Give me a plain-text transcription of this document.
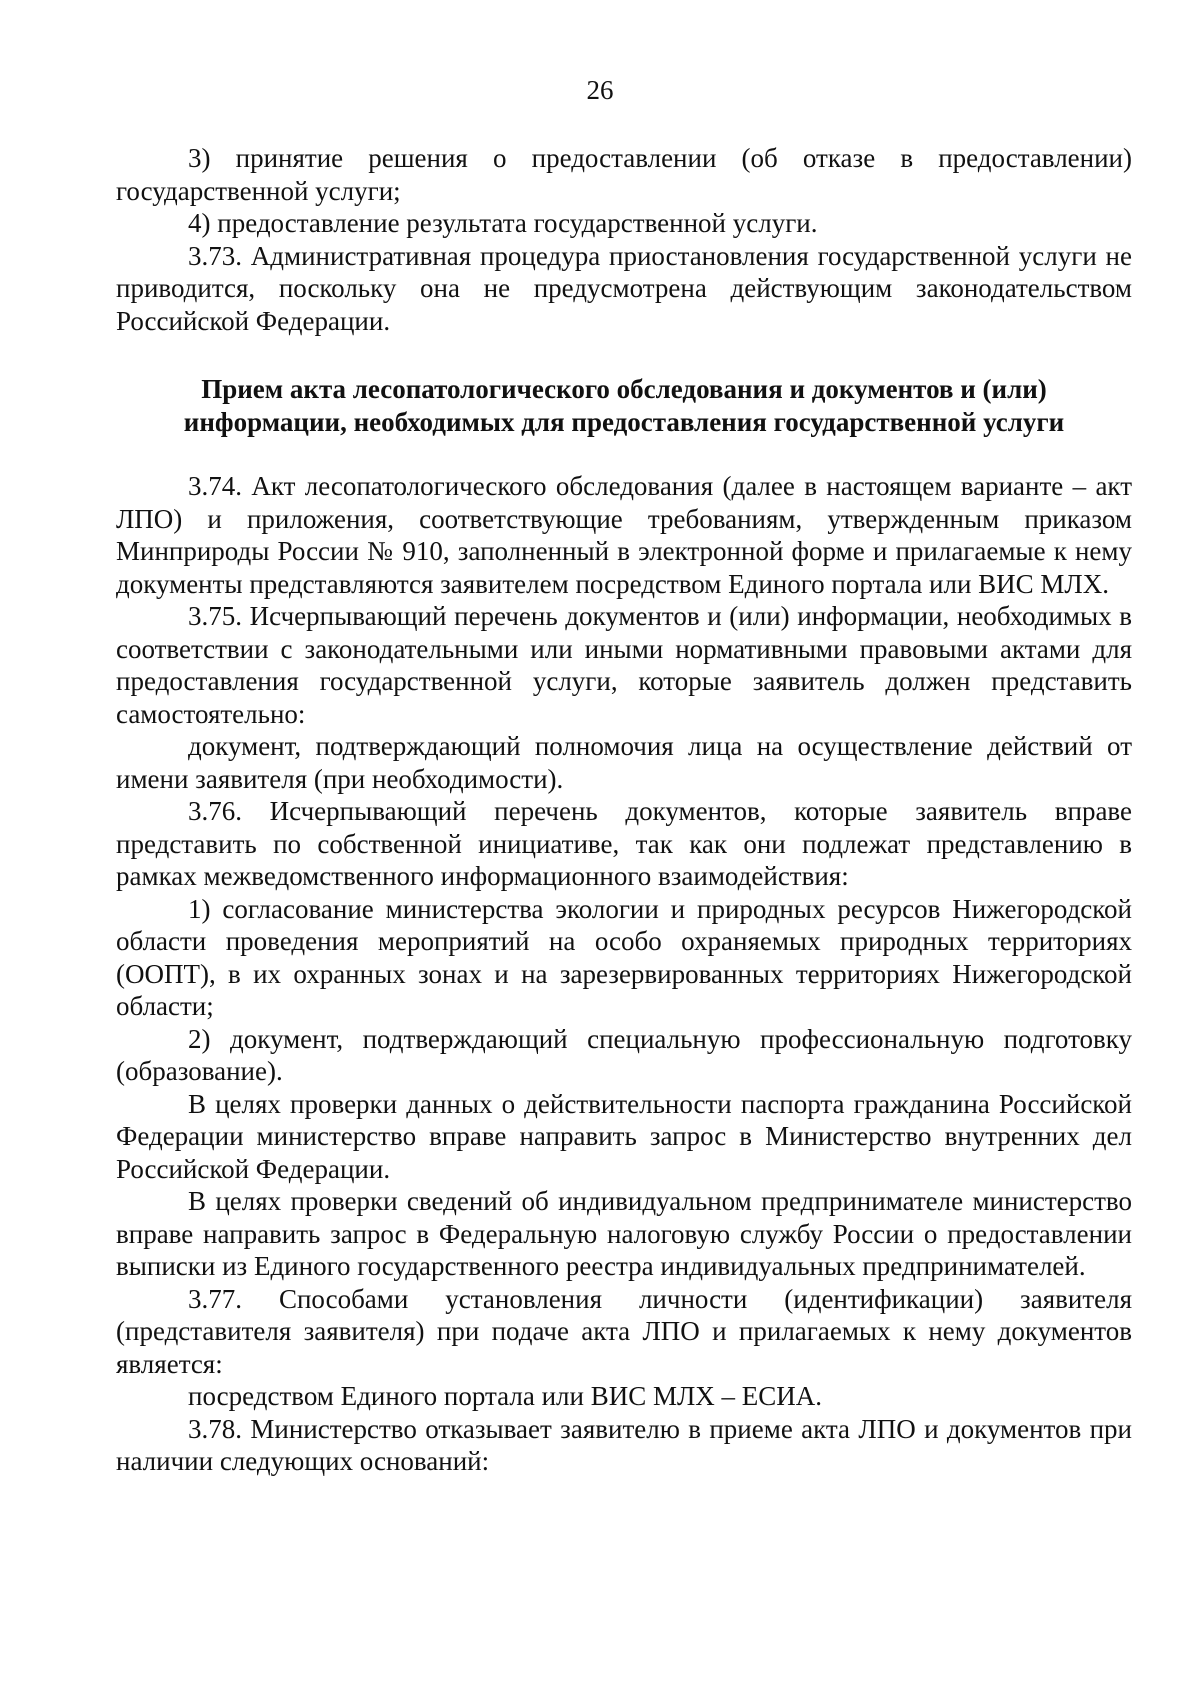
26

3) принятие решения о предоставлении (об отказе в предоставлении) государственной услуги;

4) предоставление результата государственной услуги.

3.73. Административная процедура приостановления государственной услуги не приводится, поскольку она не предусмотрена действующим законодательством Российской Федерации.

Прием акта лесопатологического обследования и документов и (или) информации, необходимых для предоставления государственной услуги

3.74. Акт лесопатологического обследования (далее в настоящем варианте – акт ЛПО) и приложения, соответствующие требованиям, утвержденным приказом Минприроды России № 910, заполненный в электронной форме и прилагаемые к нему документы представляются заявителем посредством Единого портала или ВИС МЛХ.

3.75. Исчерпывающий перечень документов и (или) информации, необходимых в соответствии с законодательными или иными нормативными правовыми актами для предоставления государственной услуги, которые заявитель должен представить самостоятельно:

документ, подтверждающий полномочия лица на осуществление действий от имени заявителя (при необходимости).

3.76. Исчерпывающий перечень документов, которые заявитель вправе представить по собственной инициативе, так как они подлежат представлению в рамках межведомственного информационного взаимодействия:

1) согласование министерства экологии и природных ресурсов Нижегородской области проведения мероприятий на особо охраняемых природных территориях (ООПТ), в их охранных зонах и на зарезервированных территориях Нижегородской области;

2) документ, подтверждающий специальную профессиональную подготовку (образование).

В целях проверки данных о действительности паспорта гражданина Российской Федерации министерство вправе направить запрос в Министерство внутренних дел Российской Федерации.

В целях проверки сведений об индивидуальном предпринимателе министерство вправе направить запрос в Федеральную налоговую службу России о предоставлении выписки из Единого государственного реестра индивидуальных предпринимателей.

3.77. Способами установления личности (идентификации) заявителя (представителя заявителя) при подаче акта ЛПО и прилагаемых к нему документов является:

посредством Единого портала или ВИС МЛХ – ЕСИА.

3.78. Министерство отказывает заявителю в приеме акта ЛПО и документов при наличии следующих оснований:
